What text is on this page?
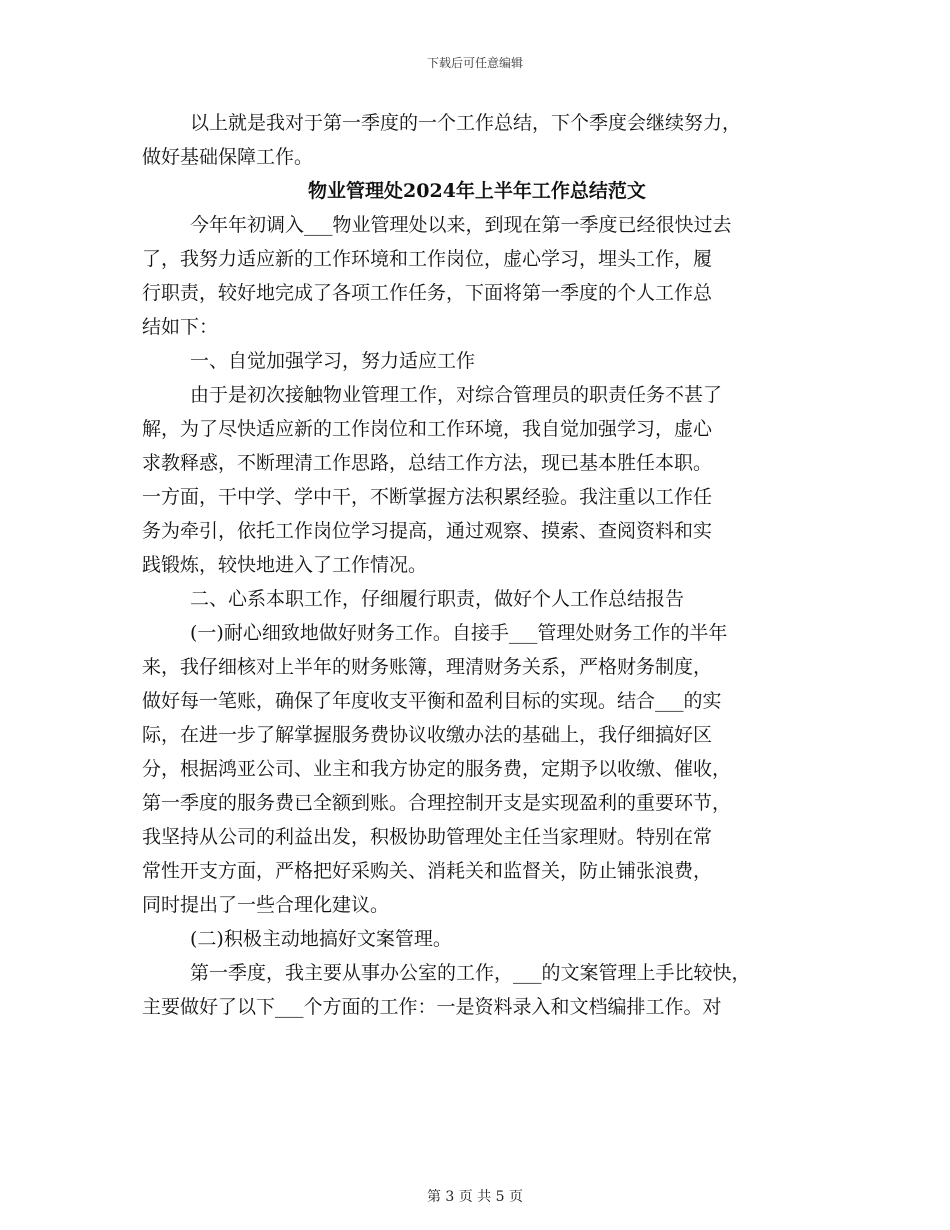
下载后可任意编辑
以上就是我对于第一季度的一个工作总结，下个季度会继续努力，
做好基础保障工作。
物业管理处2024年上半年工作总结范文
今年年初调入___物业管理处以来，到现在第一季度已经很快过去
了，我努力适应新的工作环境和工作岗位，虚心学习，埋头工作，履
行职责，较好地完成了各项工作任务，下面将第一季度的个人工作总
结如下：
一、自觉加强学习，努力适应工作
由于是初次接触物业管理工作，对综合管理员的职责任务不甚了
解，为了尽快适应新的工作岗位和工作环境，我自觉加强学习，虚心
求教释惑，不断理清工作思路，总结工作方法，现已基本胜任本职。
一方面，干中学、学中干，不断掌握方法积累经验。我注重以工作任
务为牵引，依托工作岗位学习提高，通过观察、摸索、查阅资料和实
践锻炼，较快地进入了工作情况。
二、心系本职工作，仔细履行职责，做好个人工作总结报告
(一)耐心细致地做好财务工作。自接手___管理处财务工作的半年
来，我仔细核对上半年的财务账簿，理清财务关系，严格财务制度，
做好每一笔账，确保了年度收支平衡和盈利目标的实现。结合___的实
际，在进一步了解掌握服务费协议收缴办法的基础上，我仔细搞好区
分，根据鸿亚公司、业主和我方协定的服务费，定期予以收缴、催收，
第一季度的服务费已全额到账。合理控制开支是实现盈利的重要环节，
我坚持从公司的利益出发，积极协助管理处主任当家理财。特别在常
常性开支方面，严格把好采购关、消耗关和监督关，防止铺张浪费，
同时提出了一些合理化建议。
(二)积极主动地搞好文案管理。
第一季度，我主要从事办公室的工作，___的文案管理上手比较快，
主要做好了以下___个方面的工作：一是资料录入和文档编排工作。对
第 3 页 共 5 页
